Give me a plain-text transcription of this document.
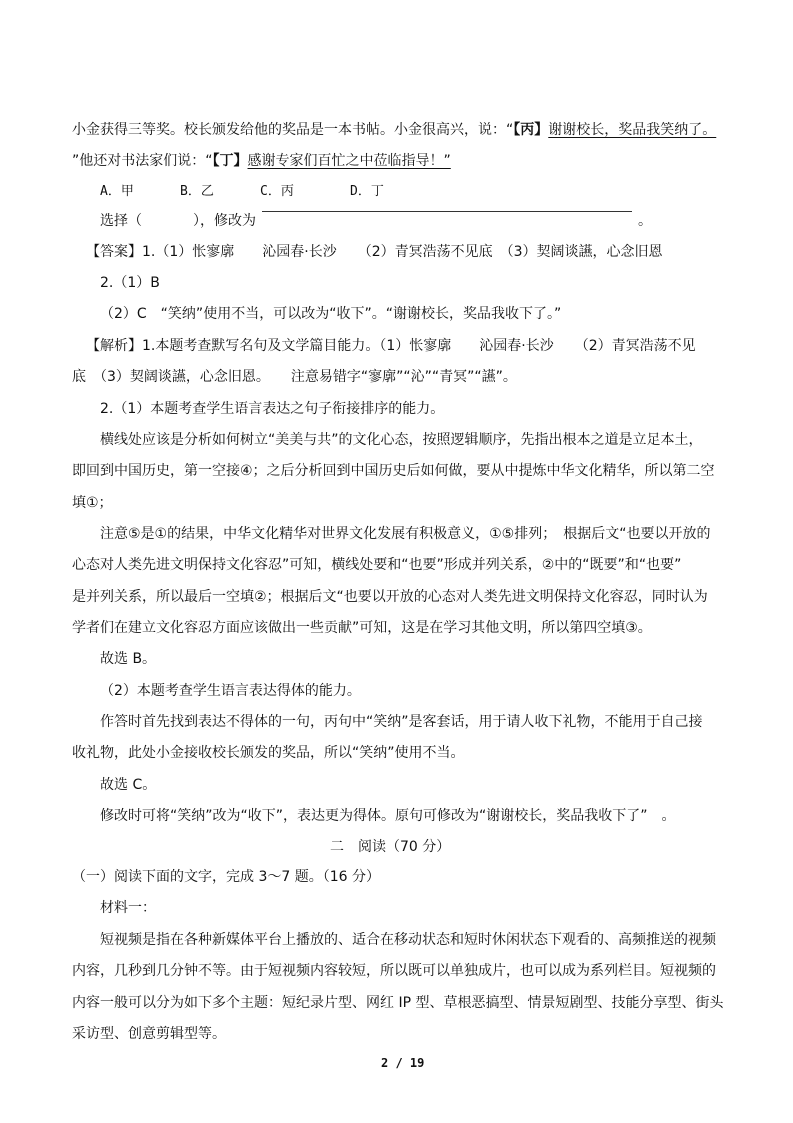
小金获得三等奖。校长颁发给他的奖品是一本书帖。小金很高兴，说：“【丙】谢谢校长，奖品我笑纳了。
”他还对书法家们说：“【丁】感谢专家们百忙之中莅临指导！”
A．甲	B．乙	C．丙	D．丁
选择（	），修改为	。
【答案】1.（1）怅寥廓　　沁园春·长沙　　（2）青冥浩荡不见底　（3）契阔谈讌，心念旧恩
2.（1）B
（2）C　“笑纳”使用不当，可以改为“收下”。“谢谢校长，奖品我收下了。”
【解析】1.本题考查默写名句及文学篇目能力。（1）怅寥廓　　沁园春·长沙　　（2）青冥浩荡不见
底　（3）契阔谈讌，心念旧恩。　　注意易错字“寥廓”“沁”“青冥”“讌”。
2.（1）本题考查学生语言表达之句子衔接排序的能力。
横线处应该是分析如何树立“美美与共”的文化心态，按照逻辑顺序，先指出根本之道是立足本土，
即回到中国历史，第一空接④；之后分析回到中国历史后如何做，要从中提炼中华文化精华，所以第二空
填①；
注意⑤是①的结果，中华文化精华对世界文化发展有积极意义，①⑤排列；　根据后文“也要以开放的
心态对人类先进文明保持文化容忍”可知，横线处要和“也要”形成并列关系，②中的“既要”和“也要”
是并列关系，所以最后一空填②；根据后文“也要以开放的心态对人类先进文明保持文化容忍，同时认为
学者们在建立文化容忍方面应该做出一些贡献”可知，这是在学习其他文明，所以第四空填③。
故选 B。
（2）本题考查学生语言表达得体的能力。
作答时首先找到表达不得体的一句，丙句中“笑纳”是客套话，用于请人收下礼物，不能用于自己接
收礼物，此处小金接收校长颁发的奖品，所以“笑纳”使用不当。
故选 C。
修改时可将“笑纳”改为“收下”，表达更为得体。原句可修改为“谢谢校长，奖品我收下了”　。
二　阅读（70 分）
（一）阅读下面的文字，完成 3～7 题。（16 分）
材料一：
短视频是指在各种新媒体平台上播放的、适合在移动状态和短时休闲状态下观看的、高频推送的视频
内容，几秒到几分钟不等。由于短视频内容较短，所以既可以单独成片，也可以成为系列栏目。短视频的
内容一般可以分为如下多个主题：短纪录片型、网红 IP 型、草根恶搞型、情景短剧型、技能分享型、街头
采访型、创意剪辑型等。
2 / 19
